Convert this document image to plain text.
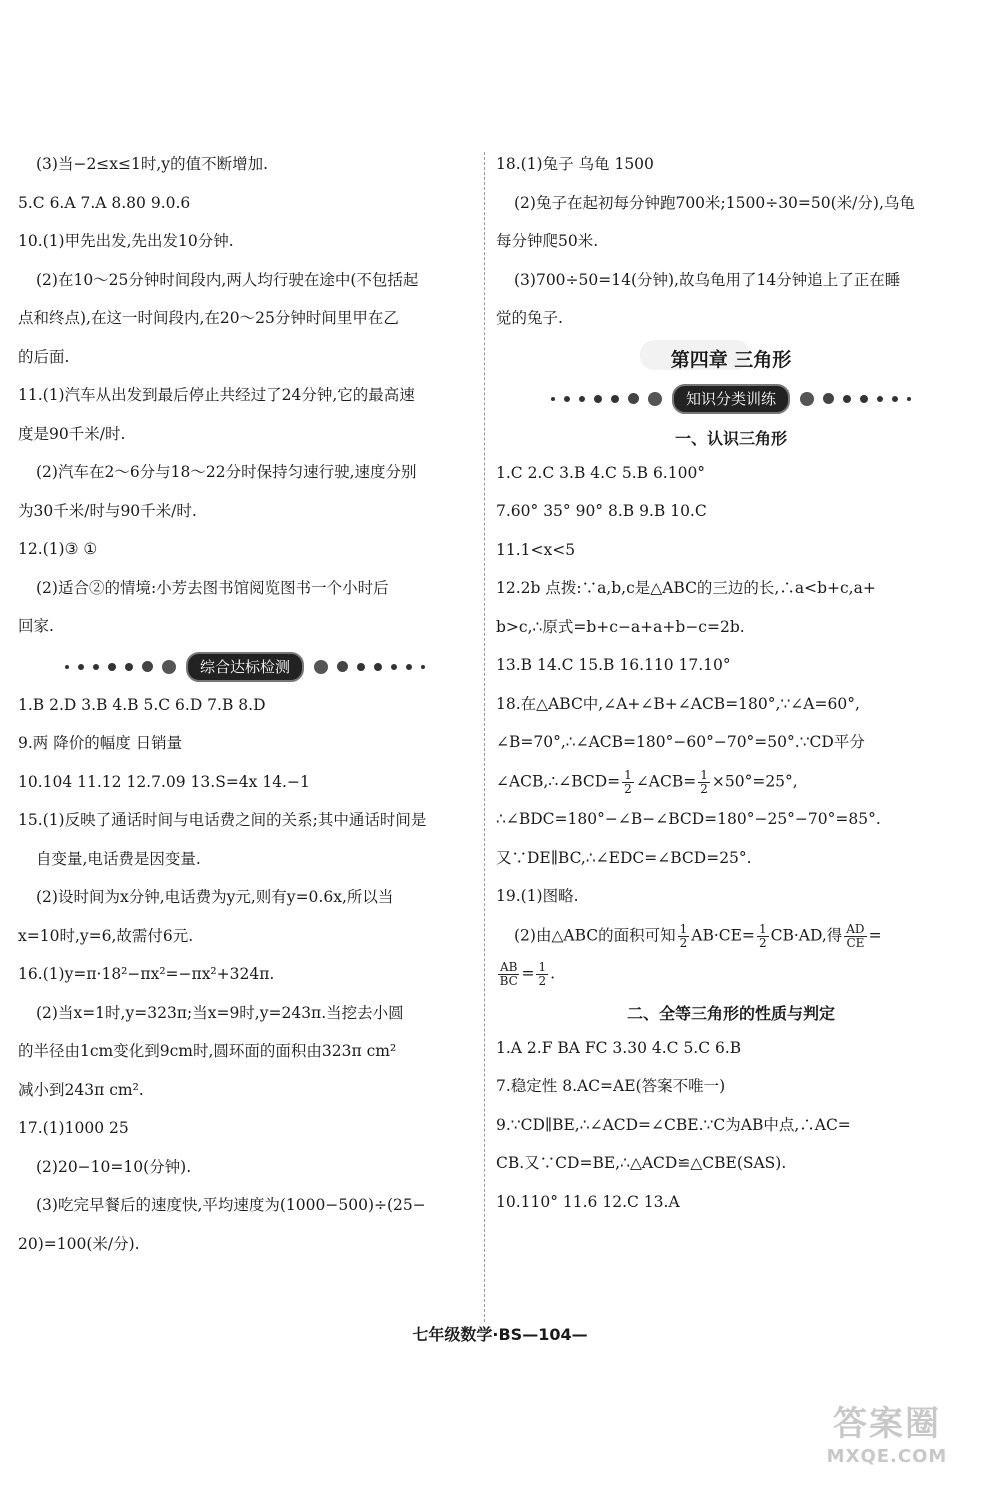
(3)当−2≤x≤1时,y的值不断增加.
5.C 6.A 7.A 8.80 9.0.6
10.(1)甲先出发,先出发10分钟.
(2)在10～25分钟时间段内,两人均行驶在途中(不包括起
点和终点),在这一时间段内,在20～25分钟时间里甲在乙
的后面.
11.(1)汽车从出发到最后停止共经过了24分钟,它的最高速
度是90千米/时.
(2)汽车在2～6分与18～22分时保持匀速行驶,速度分别
为30千米/时与90千米/时.
12.(1)③ ①
(2)适合②的情境:小芳去图书馆阅览图书一个小时后
回家.
综合达标检测
1.B 2.D 3.B 4.B 5.C 6.D 7.B 8.D
9.两 降价的幅度 日销量
10.104 11.12 12.7.09 13.S=4x 14.−1
15.(1)反映了通话时间与电话费之间的关系;其中通话时间是
自变量,电话费是因变量.
(2)设时间为x分钟,电话费为y元,则有y=0.6x,所以当
x=10时,y=6,故需付6元.
16.(1)y=π·18²−πx²=−πx²+324π.
(2)当x=1时,y=323π;当x=9时,y=243π.当挖去小圆
的半径由1cm变化到9cm时,圆环面的面积由323π cm²
减小到243π cm².
17.(1)1000 25
(2)20−10=10(分钟).
(3)吃完早餐后的速度快,平均速度为(1000−500)÷(25−
20)=100(米/分).
18.(1)兔子 乌龟 1500
(2)兔子在起初每分钟跑700米;1500÷30=50(米/分),乌龟
每分钟爬50米.
(3)700÷50=14(分钟),故乌龟用了14分钟追上了正在睡
觉的兔子.
第四章 三角形
知识分类训练
一、认识三角形
1.C 2.C 3.B 4.C 5.B 6.100°
7.60° 35° 90° 8.B 9.B 10.C
11.1<x<5
12.2b 点拨:∵a,b,c是△ABC的三边的长,∴a<b+c,a+
b>c,∴原式=b+c−a+a+b−c=2b.
13.B 14.C 15.B 16.110 17.10°
18.在△ABC中,∠A+∠B+∠ACB=180°,∵∠A=60°,
∠B=70°,∴∠ACB=180°−60°−70°=50°.∵CD平分
∠ACB,∴∠BCD= $\frac{1}{2}$ ∠ACB= $\frac{1}{2} \times 50^\circ=25^\circ$,
∴∠BDC=180°−∠B−∠BCD=180°−25°−70°=85°.
又∵DE∥BC,∴∠EDC=∠BCD=25°.
19.(1)图略.
(2)由△ABC的面积可知 $\frac{1}{2} AB\cdot CE= \frac{1}{2} CB\cdot AD$,得 $\frac{AD}{CE}$ =
$\frac{AB}{BC} = \frac{1}{2}$ .
二、全等三角形的性质与判定
1.A 2.F BA FC 3.30 4.C 5.C 6.B
7.稳定性 8.AC=AE(答案不唯一)
9.∵CD∥BE,∴∠ACD=∠CBE.∵C为AB中点,∴AC=
CB.又∵CD=BE,∴△ACD≌△CBE(SAS).
10.110° 11.6 12.C 13.A
七年级数学·BS—104—
答案圈
MXQE.COM
